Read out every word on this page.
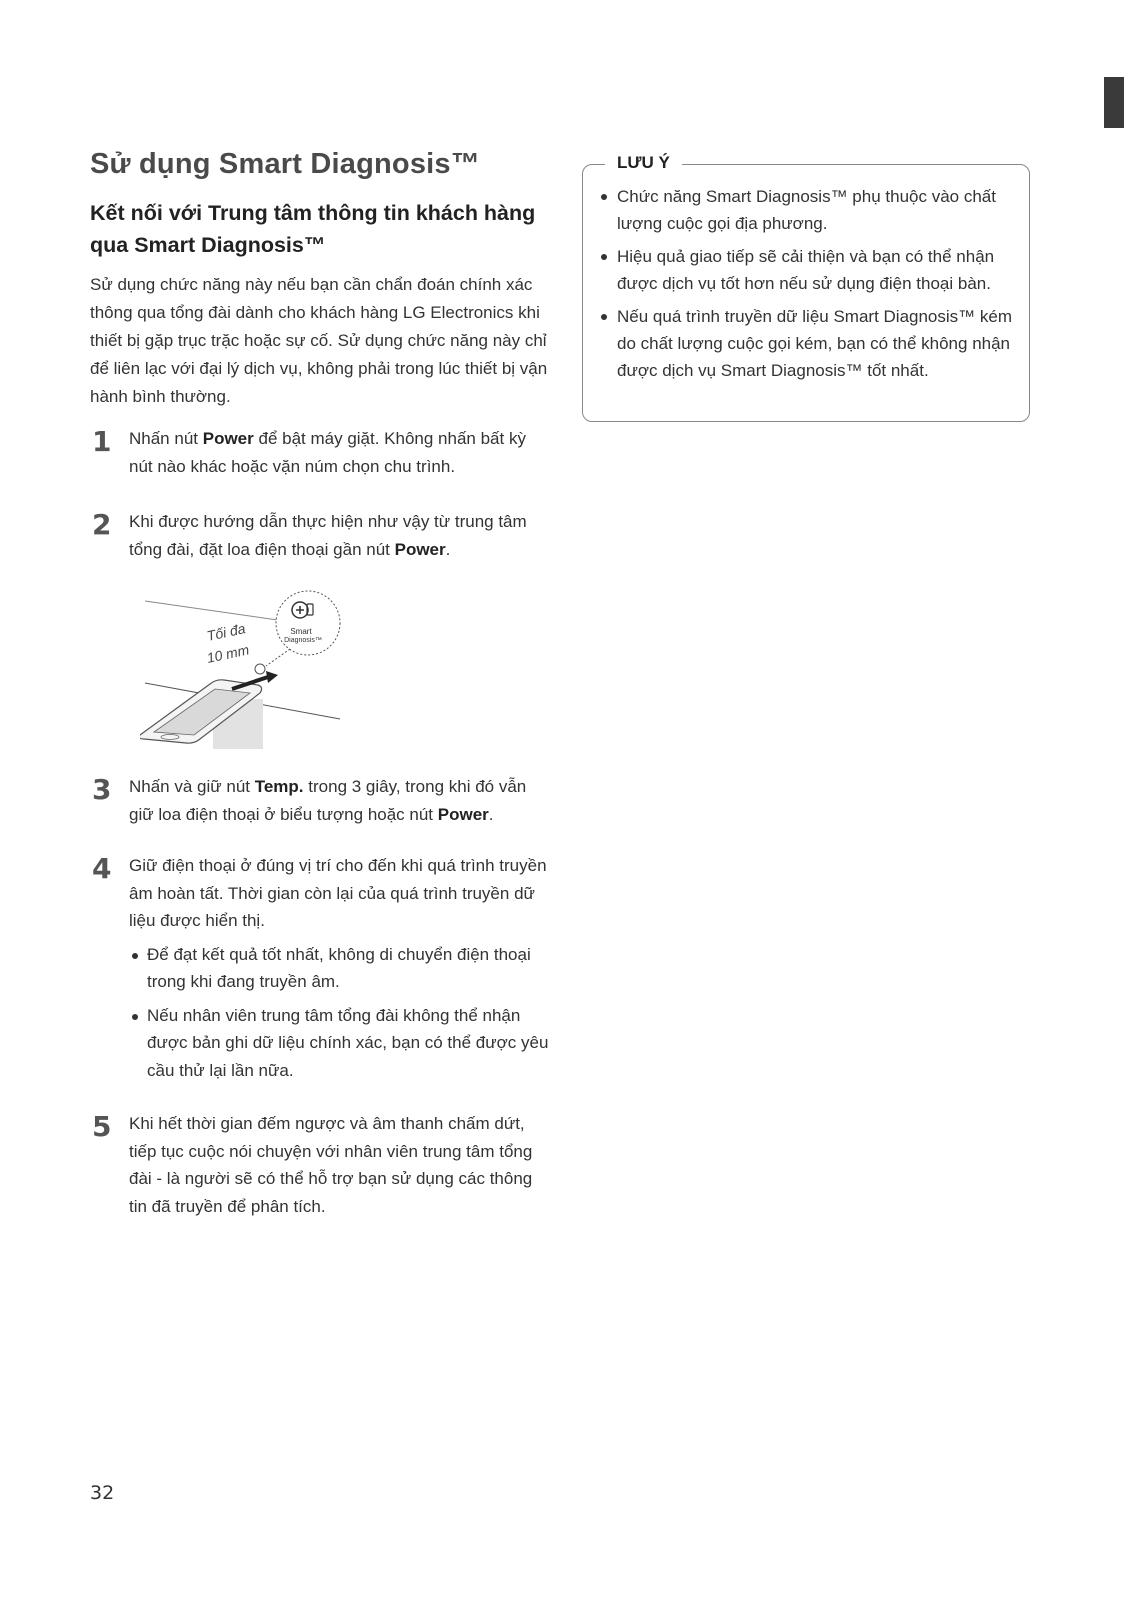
Sử dụng Smart Diagnosis™
Kết nối với Trung tâm thông tin khách hàng qua Smart Diagnosis™

Sử dụng chức năng này nếu bạn cần chẩn đoán chính xác thông qua tổng đài dành cho khách hàng LG Electronics khi thiết bị gặp trục trặc hoặc sự cố. Sử dụng chức năng này chỉ để liên lạc với đại lý dịch vụ, không phải trong lúc thiết bị vận hành bình thường.

1 Nhấn nút Power để bật máy giặt. Không nhấn bất kỳ nút nào khác hoặc vặn núm chọn chu trình.
2 Khi được hướng dẫn thực hiện như vậy từ trung tâm tổng đài, đặt loa điện thoại gần nút Power.
Smart
Diagnosis™
Tối đa
10 mm
3 Nhấn và giữ nút Temp. trong 3 giây, trong khi đó vẫn giữ loa điện thoại ở biểu tượng hoặc nút Power.
4 Giữ điện thoại ở đúng vị trí cho đến khi quá trình truyền âm hoàn tất. Thời gian còn lại của quá trình truyền dữ liệu được hiển thị.
Để đạt kết quả tốt nhất, không di chuyển điện thoại trong khi đang truyền âm.
Nếu nhân viên trung tâm tổng đài không thể nhận được bản ghi dữ liệu chính xác, bạn có thể được yêu cầu thử lại lần nữa.
5 Khi hết thời gian đếm ngược và âm thanh chấm dứt, tiếp tục cuộc nói chuyện với nhân viên trung tâm tổng đài - là người sẽ có thể hỗ trợ bạn sử dụng các thông tin đã truyền để phân tích.
LƯU Ý
Chức năng Smart Diagnosis™ phụ thuộc vào chất lượng cuộc gọi địa phương.
Hiệu quả giao tiếp sẽ cải thiện và bạn có thể nhận được dịch vụ tốt hơn nếu sử dụng điện thoại bàn.
Nếu quá trình truyền dữ liệu Smart Diagnosis™ kém do chất lượng cuộc gọi kém, bạn có thể không nhận được dịch vụ Smart Diagnosis™ tốt nhất.
32
